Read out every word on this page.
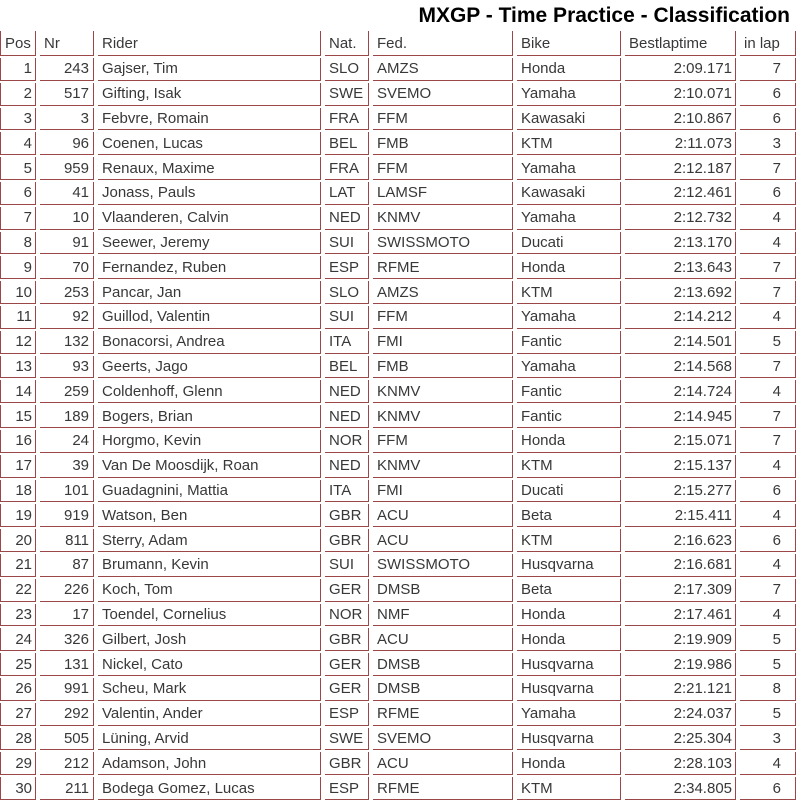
MXGP - Time Practice - Classification
Pos	Nr	Rider	Nat.	Fed.	Bike	Bestlaptime	in lap
1	243	Gajser, Tim	SLO	AMZS	Honda	2:09.171	7
2	517	Gifting, Isak	SWE	SVEMO	Yamaha	2:10.071	6
3	3	Febvre, Romain	FRA	FFM	Kawasaki	2:10.867	6
4	96	Coenen, Lucas	BEL	FMB	KTM	2:11.073	3
5	959	Renaux, Maxime	FRA	FFM	Yamaha	2:12.187	7
6	41	Jonass, Pauls	LAT	LAMSF	Kawasaki	2:12.461	6
7	10	Vlaanderen, Calvin	NED	KNMV	Yamaha	2:12.732	4
8	91	Seewer, Jeremy	SUI	SWISSMOTO	Ducati	2:13.170	4
9	70	Fernandez, Ruben	ESP	RFME	Honda	2:13.643	7
10	253	Pancar, Jan	SLO	AMZS	KTM	2:13.692	7
11	92	Guillod, Valentin	SUI	FFM	Yamaha	2:14.212	4
12	132	Bonacorsi, Andrea	ITA	FMI	Fantic	2:14.501	5
13	93	Geerts, Jago	BEL	FMB	Yamaha	2:14.568	7
14	259	Coldenhoff, Glenn	NED	KNMV	Fantic	2:14.724	4
15	189	Bogers, Brian	NED	KNMV	Fantic	2:14.945	7
16	24	Horgmo, Kevin	NOR	FFM	Honda	2:15.071	7
17	39	Van De Moosdijk, Roan	NED	KNMV	KTM	2:15.137	4
18	101	Guadagnini, Mattia	ITA	FMI	Ducati	2:15.277	6
19	919	Watson, Ben	GBR	ACU	Beta	2:15.411	4
20	811	Sterry, Adam	GBR	ACU	KTM	2:16.623	6
21	87	Brumann, Kevin	SUI	SWISSMOTO	Husqvarna	2:16.681	4
22	226	Koch, Tom	GER	DMSB	Beta	2:17.309	7
23	17	Toendel, Cornelius	NOR	NMF	Honda	2:17.461	4
24	326	Gilbert, Josh	GBR	ACU	Honda	2:19.909	5
25	131	Nickel, Cato	GER	DMSB	Husqvarna	2:19.986	5
26	991	Scheu, Mark	GER	DMSB	Husqvarna	2:21.121	8
27	292	Valentin, Ander	ESP	RFME	Yamaha	2:24.037	5
28	505	Lüning, Arvid	SWE	SVEMO	Husqvarna	2:25.304	3
29	212	Adamson, John	GBR	ACU	Honda	2:28.103	4
30	211	Bodega Gomez, Lucas	ESP	RFME	KTM	2:34.805	6
